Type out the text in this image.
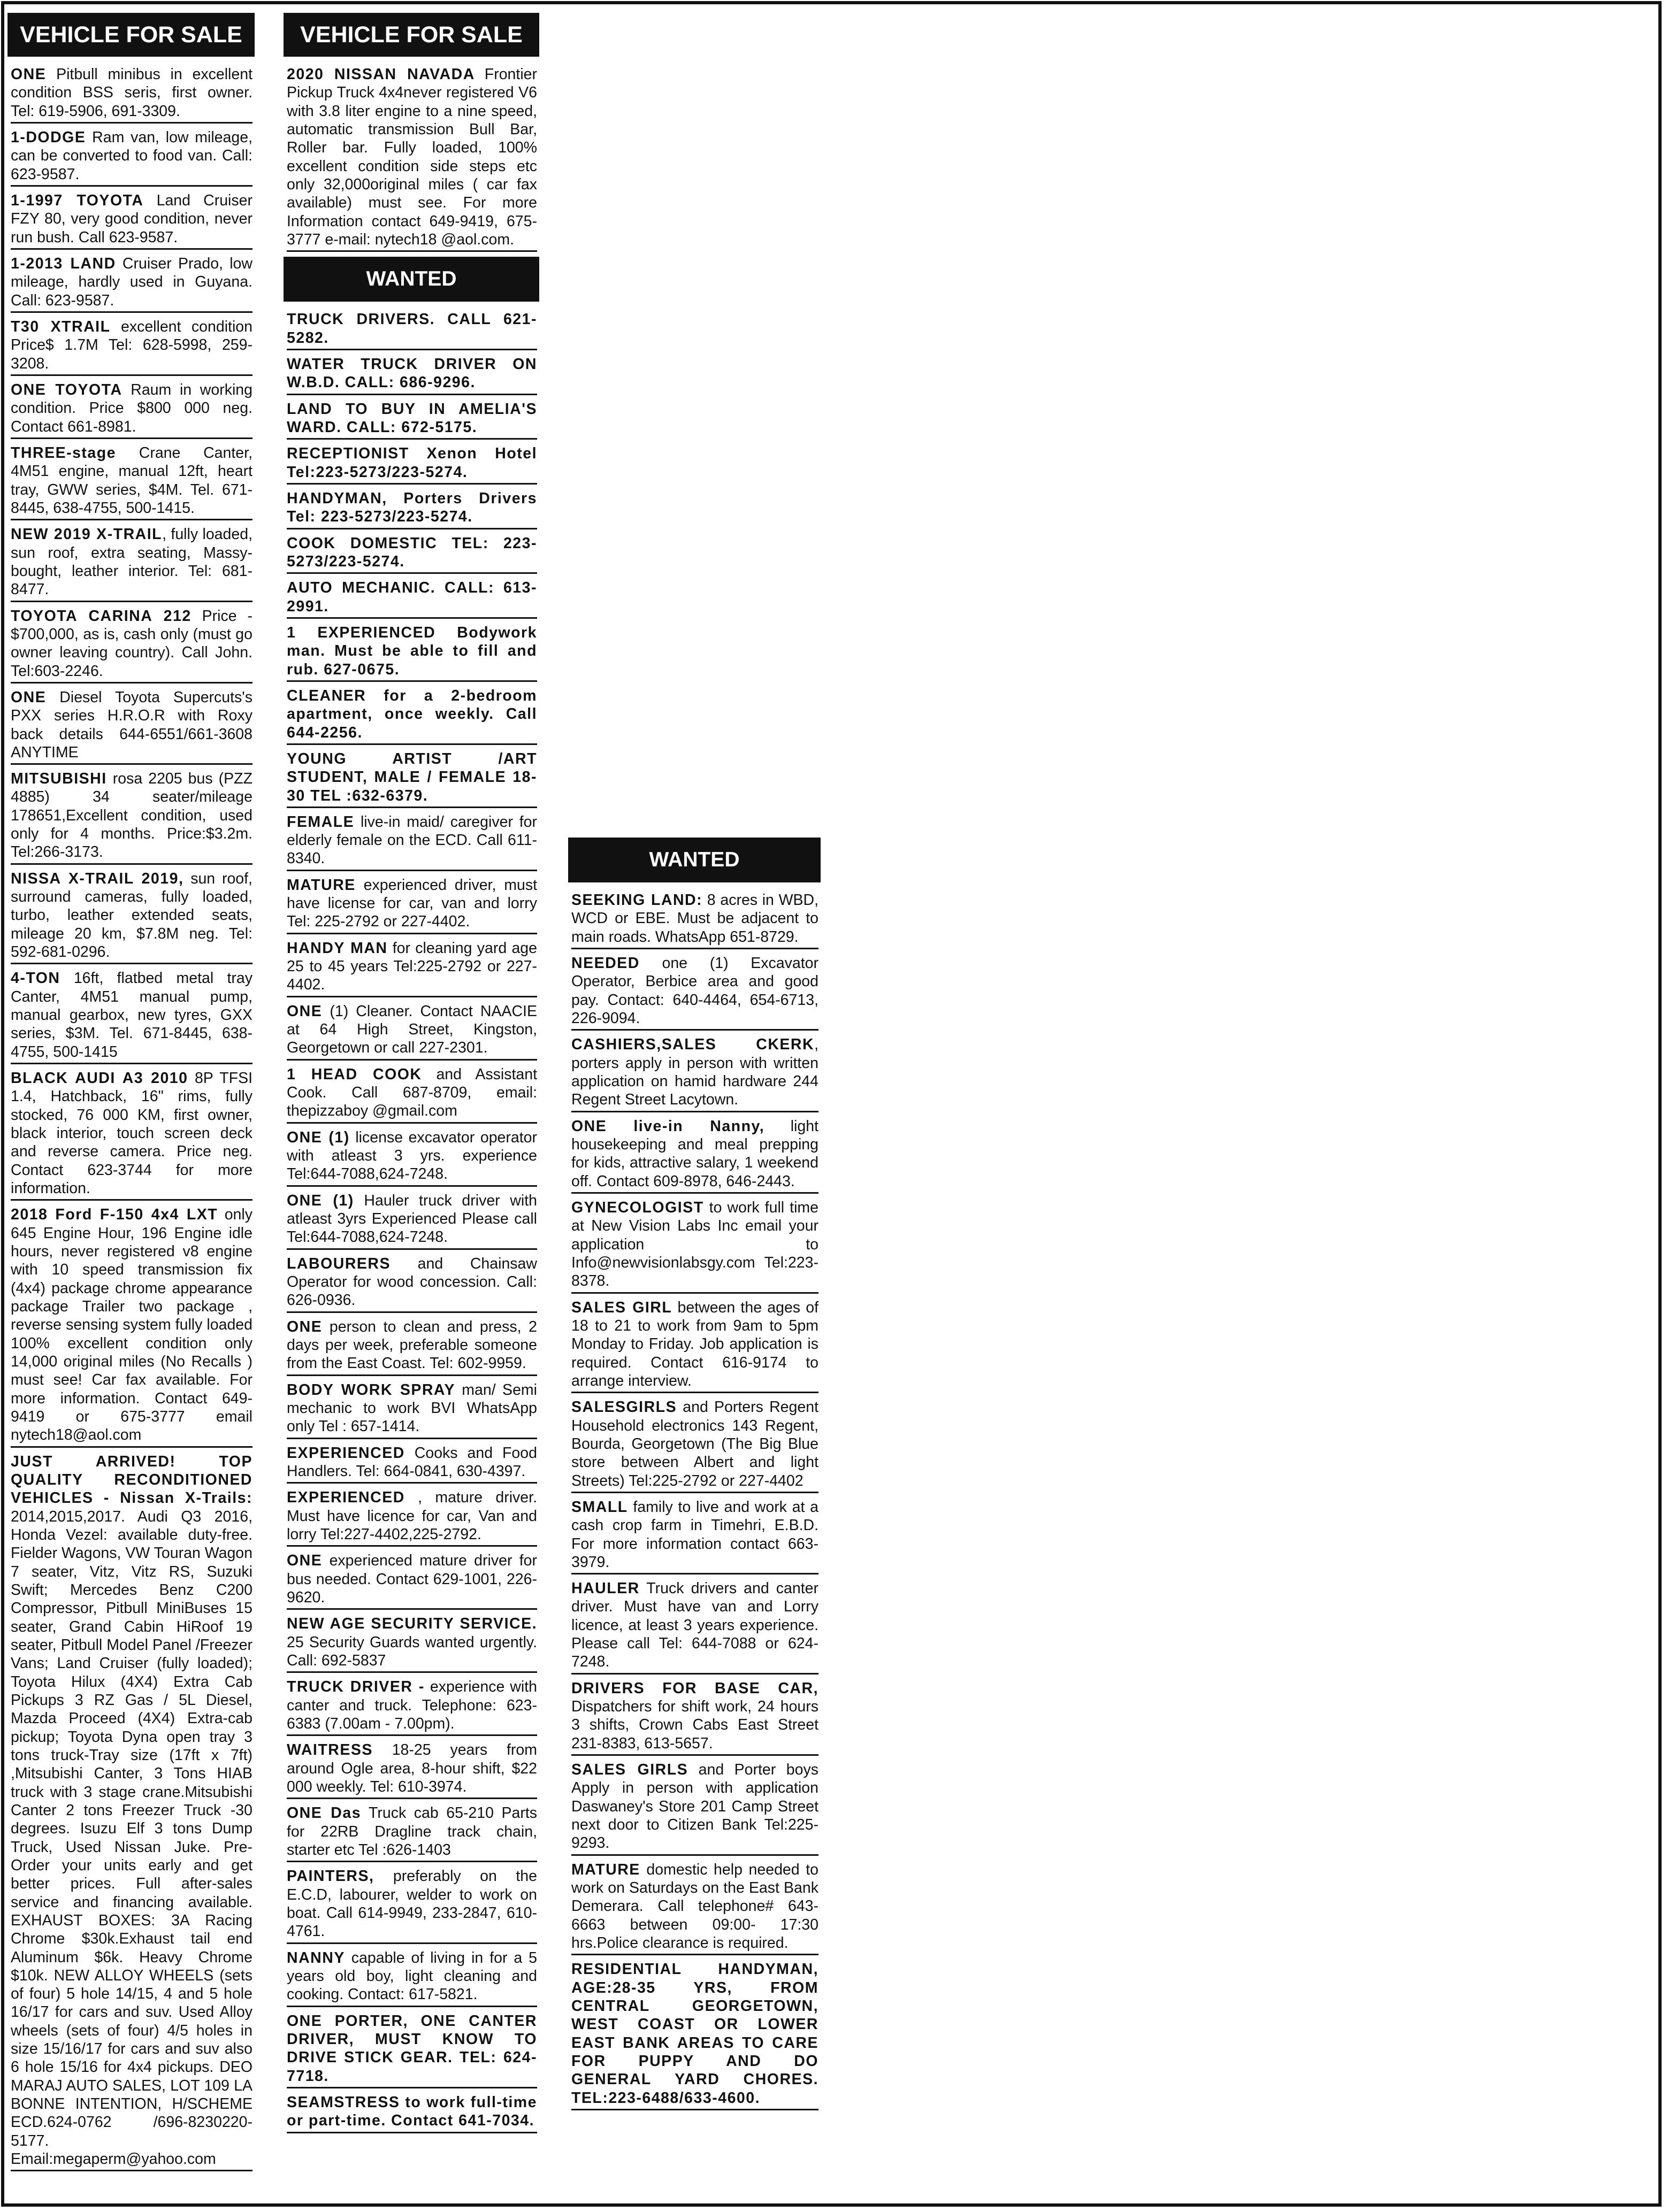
VEHICLE FOR SALE
ONE Pitbull minibus in excellent condition BSS seris, first owner. Tel: 619-5906, 691-3309.
1-DODGE Ram van, low mileage, can be converted to food van. Call: 623-9587.
1-1997 TOYOTA Land Cruiser FZY 80, very good condition, never run bush. Call 623-9587.
1-2013 LAND Cruiser Prado, low mileage, hardly used in Guyana. Call: 623-9587.
T30 XTRAIL excellent condition Price$ 1.7M Tel: 628-5998, 259-3208.
ONE TOYOTA Raum in working condition. Price $800 000 neg. Contact 661-8981.
THREE-stage Crane Canter, 4M51 engine, manual 12ft, heart tray, GWW series, $4M. Tel. 671-8445, 638-4755, 500-1415.
NEW 2019 X-TRAIL, fully loaded, sun roof, extra seating, Massy-bought, leather interior. Tel: 681-8477.
TOYOTA CARINA 212 Price - $700,000, as is, cash only (must go owner leaving country). Call John. Tel:603-2246.
ONE Diesel Toyota Supercuts's PXX series H.R.O.R with Roxy back details 644-6551/661-3608 ANYTIME
MITSUBISHI rosa 2205 bus (PZZ 4885) 34 seater/mileage 178651,Excellent condition, used only for 4 months. Price:$3.2m. Tel:266-3173.
NISSA X-TRAIL 2019, sun roof, surround cameras, fully loaded, turbo, leather extended seats, mileage 20 km, $7.8M neg. Tel: 592-681-0296.
4-TON 16ft, flatbed metal tray Canter, 4M51 manual pump, manual gearbox, new tyres, GXX series, $3M. Tel. 671-8445, 638-4755, 500-1415
BLACK AUDI A3 2010 8P TFSI 1.4, Hatchback, 16" rims, fully stocked, 76 000 KM, first owner, black interior, touch screen deck and reverse camera. Price neg. Contact 623-3744 for more information.
2018 Ford F-150 4x4 LXT only 645 Engine Hour, 196 Engine idle hours, never registered v8 engine with 10 speed transmission fix (4x4) package chrome appearance package Trailer two package , reverse sensing system fully loaded 100% excellent condition only 14,000 original miles (No Recalls ) must see! Car fax available. For more information. Contact 649-9419 or 675-3777 email nytech18@aol.com
JUST ARRIVED! TOP QUALITY RECONDITIONED VEHICLES - Nissan X-Trails: 2014,2015,2017. Audi Q3 2016, Honda Vezel: available duty-free. Fielder Wagons, VW Touran Wagon 7 seater, Vitz, Vitz RS, Suzuki Swift; Mercedes Benz C200 Compressor, Pitbull MiniBuses 15 seater, Grand Cabin HiRoof 19 seater, Pitbull Model Panel /Freezer Vans; Land Cruiser (fully loaded); Toyota Hilux (4X4) Extra Cab Pickups 3 RZ Gas / 5L Diesel, Mazda Proceed (4X4) Extra-cab pickup; Toyota Dyna open tray 3 tons truck-Tray size (17ft x 7ft) ,Mitsubishi Canter, 3 Tons HIAB truck with 3 stage crane.Mitsubishi Canter 2 tons Freezer Truck -30 degrees. Isuzu Elf 3 tons Dump Truck, Used Nissan Juke. Pre-Order your units early and get better prices. Full after-sales service and financing available. EXHAUST BOXES: 3A Racing Chrome $30k.Exhaust tail end Aluminum $6k. Heavy Chrome $10k. NEW ALLOY WHEELS (sets of four) 5 hole 14/15, 4 and 5 hole 16/17 for cars and suv. Used Alloy wheels (sets of four) 4/5 holes in size 15/16/17 for cars and suv also 6 hole 15/16 for 4x4 pickups. DEO MARAJ AUTO SALES, LOT 109 LA BONNE INTENTION, H/SCHEME ECD.624-0762 /696-8230220-5177. Email:megaperm@yahoo.com
VEHICLE FOR SALE
2020 NISSAN NAVADA Frontier Pickup Truck 4x4never registered V6 with 3.8 liter engine to a nine speed, automatic transmission Bull Bar, Roller bar. Fully loaded, 100% excellent condition side steps etc only 32,000original miles ( car fax available) must see. For more Information contact 649-9419, 675-3777 e-mail: nytech18 @aol.com.
WANTED
TRUCK DRIVERS. CALL 621-5282.
WATER TRUCK DRIVER ON W.B.D. CALL: 686-9296.
LAND TO BUY IN AMELIA'S WARD. CALL: 672-5175.
RECEPTIONIST Xenon Hotel Tel:223-5273/223-5274.
HANDYMAN, Porters Drivers Tel: 223-5273/223-5274.
COOK DOMESTIC TEL: 223-5273/223-5274.
AUTO MECHANIC. CALL: 613-2991.
1 EXPERIENCED Bodywork man. Must be able to fill and rub. 627-0675.
CLEANER for a 2-bedroom apartment, once weekly. Call 644-2256.
YOUNG ARTIST /ART STUDENT, MALE / FEMALE 18-30 TEL :632-6379.
FEMALE live-in maid/ caregiver for elderly female on the ECD. Call 611-8340.
MATURE experienced driver, must have license for car, van and lorry Tel: 225-2792 or 227-4402.
HANDY MAN for cleaning yard age 25 to 45 years Tel:225-2792 or 227-4402.
ONE (1) Cleaner. Contact NAACIE at 64 High Street, Kingston, Georgetown or call 227-2301.
1 HEAD COOK and Assistant Cook. Call 687-8709, email: thepizzaboy @gmail.com
ONE (1) license excavator operator with atleast 3 yrs. experience Tel:644-7088,624-7248.
ONE (1) Hauler truck driver with atleast 3yrs Experienced Please call Tel:644-7088,624-7248.
LABOURERS and Chainsaw Operator for wood concession. Call: 626-0936.
ONE person to clean and press, 2 days per week, preferable someone from the East Coast. Tel: 602-9959.
BODY WORK SPRAY man/ Semi mechanic to work BVI WhatsApp only Tel : 657-1414.
EXPERIENCED Cooks and Food Handlers. Tel: 664-0841, 630-4397.
EXPERIENCED , mature driver. Must have licence for car, Van and lorry Tel:227-4402,225-2792.
ONE experienced mature driver for bus needed. Contact 629-1001, 226-9620.
NEW AGE SECURITY SERVICE. 25 Security Guards wanted urgently. Call: 692-5837
TRUCK DRIVER - experience with canter and truck. Telephone: 623-6383 (7.00am - 7.00pm).
WAITRESS 18-25 years from around Ogle area, 8-hour shift, $22 000 weekly. Tel: 610-3974.
ONE Das Truck cab 65-210 Parts for 22RB Dragline track chain, starter etc Tel :626-1403
PAINTERS, preferably on the E.C.D, labourer, welder to work on boat. Call 614-9949, 233-2847, 610-4761.
NANNY capable of living in for a 5 years old boy, light cleaning and cooking. Contact: 617-5821.
ONE PORTER, ONE CANTER DRIVER, MUST KNOW TO DRIVE STICK GEAR. TEL: 624-7718.
SEAMSTRESS to work full-time or part-time. Contact 641-7034.
WANTED
SEEKING LAND: 8 acres in WBD, WCD or EBE. Must be adjacent to main roads. WhatsApp 651-8729.
NEEDED one (1) Excavator Operator, Berbice area and good pay. Contact: 640-4464, 654-6713, 226-9094.
CASHIERS,SALES CKERK, porters apply in person with written application on hamid hardware 244 Regent Street Lacytown.
ONE live-in Nanny, light housekeeping and meal prepping for kids, attractive salary, 1 weekend off. Contact 609-8978, 646-2443.
GYNECOLOGIST to work full time at New Vision Labs Inc email your application to Info@newvisionlabsgy.com Tel:223-8378.
SALES GIRL between the ages of 18 to 21 to work from 9am to 5pm Monday to Friday. Job application is required. Contact 616-9174 to arrange interview.
SALESGIRLS and Porters Regent Household electronics 143 Regent, Bourda, Georgetown (The Big Blue store between Albert and light Streets) Tel:225-2792 or 227-4402
SMALL family to live and work at a cash crop farm in Timehri, E.B.D. For more information contact 663-3979.
HAULER Truck drivers and canter driver. Must have van and Lorry licence, at least 3 years experience. Please call Tel: 644-7088 or 624-7248.
DRIVERS FOR BASE CAR, Dispatchers for shift work, 24 hours 3 shifts, Crown Cabs East Street 231-8383, 613-5657.
SALES GIRLS and Porter boys Apply in person with application Daswaney's Store 201 Camp Street next door to Citizen Bank Tel:225-9293.
MATURE domestic help needed to work on Saturdays on the East Bank Demerara. Call telephone# 643-6663 between 09:00- 17:30 hrs.Police clearance is required.
RESIDENTIAL HANDYMAN, AGE:28-35 YRS, FROM CENTRAL GEORGETOWN, WEST COAST OR LOWER EAST BANK AREAS TO CARE FOR PUPPY AND DO GENERAL YARD CHORES. TEL:223-6488/633-4600.
